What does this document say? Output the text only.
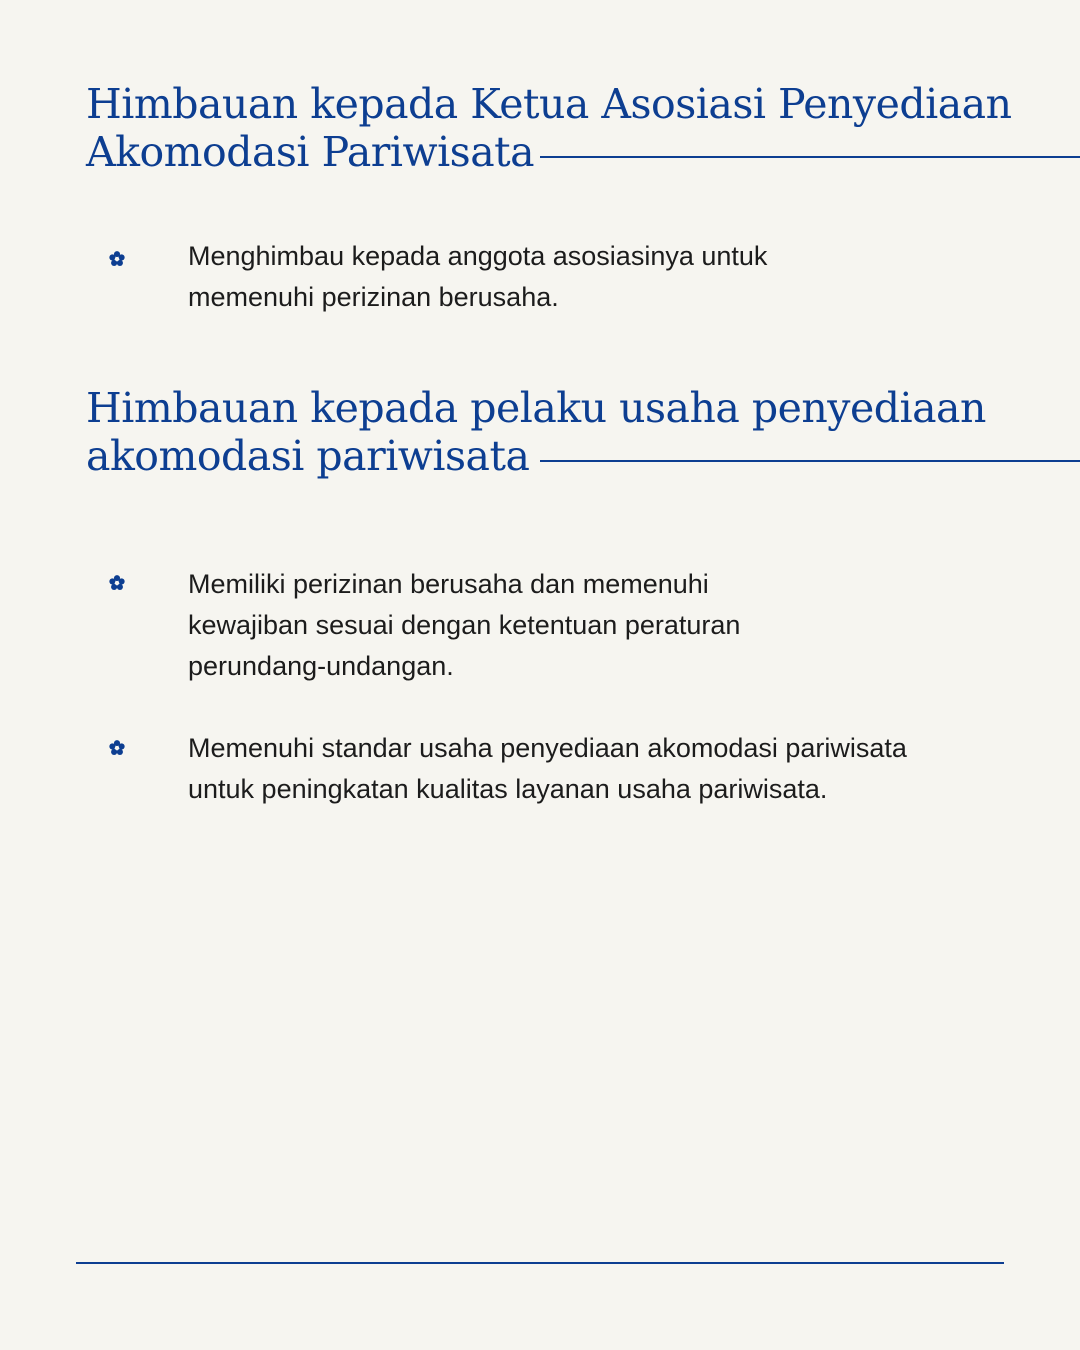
Himbauan kepada Ketua Asosiasi Penyediaan
Akomodasi Pariwisata

Menghimbau kepada anggota asosiasinya untuk memenuhi perizinan berusaha.

Himbauan kepada pelaku usaha penyediaan
akomodasi pariwisata

Memiliki perizinan berusaha dan memenuhi kewajiban sesuai dengan ketentuan peraturan perundang-undangan.

Memenuhi standar usaha penyediaan akomodasi pariwisata untuk peningkatan kualitas layanan usaha pariwisata.
